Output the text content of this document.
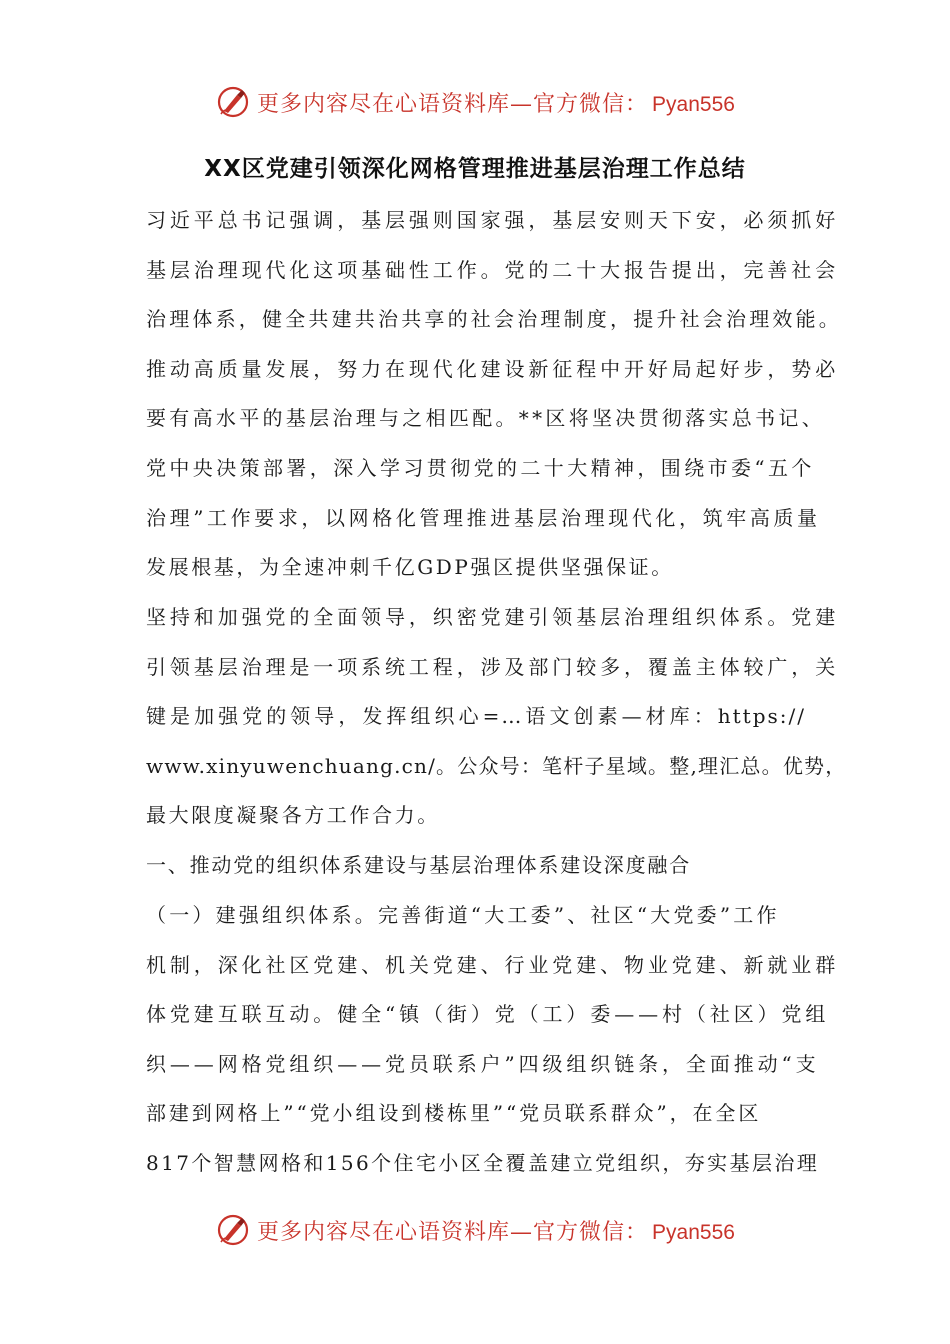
更多内容尽在心语资料库—官方微信： Pyan556
XX区党建引领深化网格管理推进基层治理工作总结
习近平总书记强调，基层强则国家强，基层安则天下安，必须抓好
基层治理现代化这项基础性工作。党的二十大报告提出，完善社会
治理体系，健全共建共治共享的社会治理制度，提升社会治理效能。
推动高质量发展，努力在现代化建设新征程中开好局起好步，势必
要有高水平的基层治理与之相匹配。**区将坚决贯彻落实总书记、
党中央决策部署，深入学习贯彻党的二十大精神，围绕市委“五个
治理”工作要求，以网格化管理推进基层治理现代化，筑牢高质量
发展根基，为全速冲刺千亿GDP强区提供坚强保证。
坚持和加强党的全面领导，织密党建引领基层治理组织体系。党建
引领基层治理是一项系统工程，涉及部门较多，覆盖主体较广，关
键是加强党的领导，发挥组织心=…语文创素—材库：https://
www.xinyuwenchuang.cn/。公众号：笔杆子星域。整,理汇总。优势，
最大限度凝聚各方工作合力。
一、推动党的组织体系建设与基层治理体系建设深度融合
（一）建强组织体系。完善街道“大工委”、社区“大党委”工作
机制，深化社区党建、机关党建、行业党建、物业党建、新就业群
体党建互联互动。健全“镇（街）党（工）委——村（社区）党组
织——网格党组织——党员联系户”四级组织链条，全面推动“支
部建到网格上”“党小组设到楼栋里”“党员联系群众”，在全区
817个智慧网格和156个住宅小区全覆盖建立党组织，夯实基层治理
更多内容尽在心语资料库—官方微信： Pyan556
